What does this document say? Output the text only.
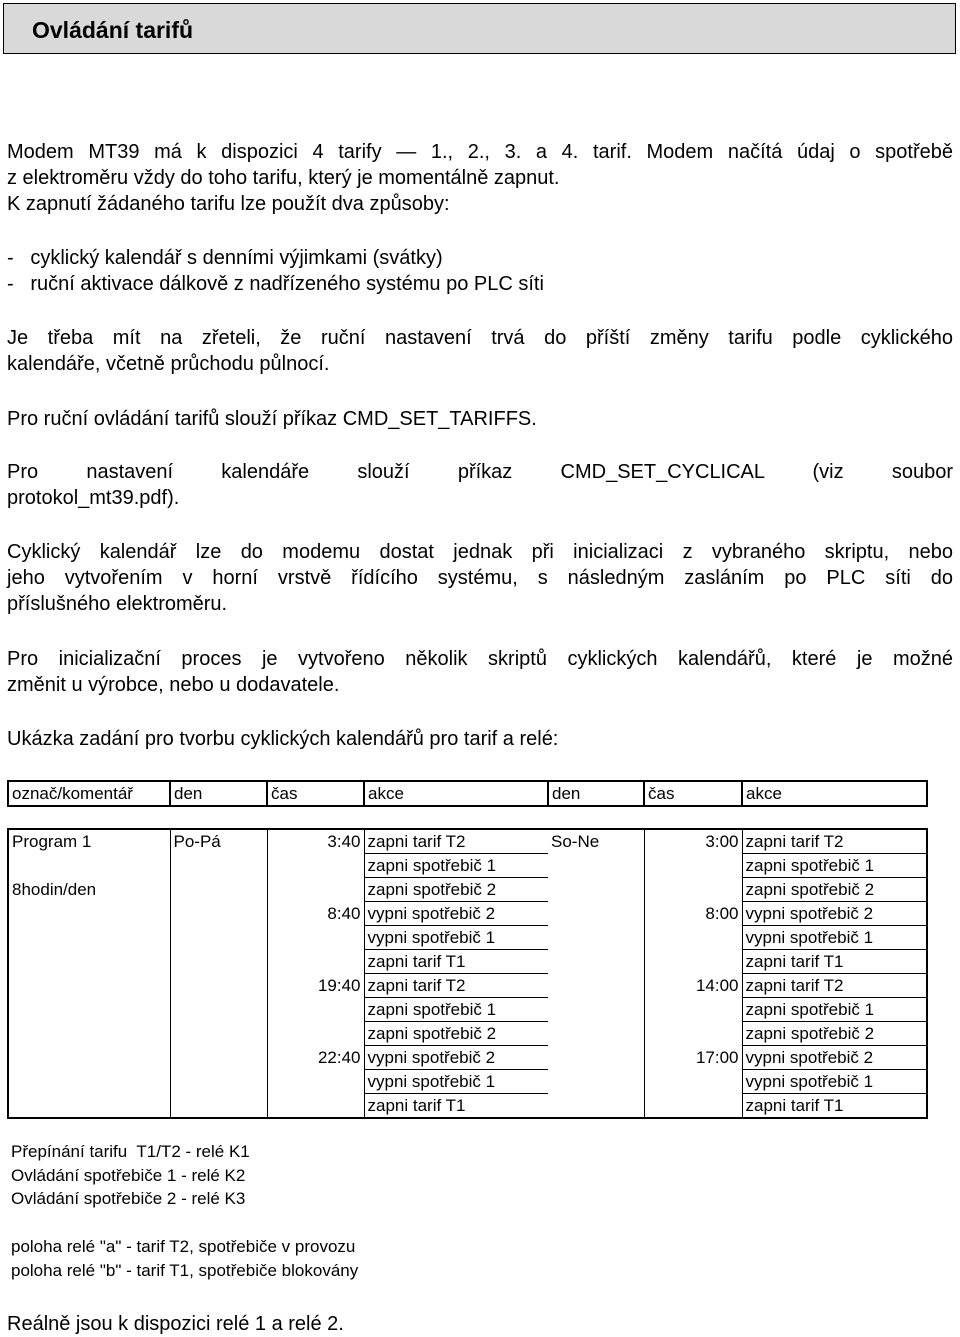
Ovládání tarifů
Modem MT39 má k dispozici 4 tarify — 1., 2., 3. a 4. tarif. Modem načítá údaj o spotřebě
z elektroměru vždy do toho tarifu, který je momentálně zapnut.
K zapnutí žádaného tarifu lze použít dva způsoby:
-   cyklický kalendář s denními výjimkami (svátky)
-   ruční aktivace dálkově z nadřízeného systému po PLC síti
Je třeba mít na zřeteli, že ruční nastavení trvá do příští změny tarifu podle cyklického
kalendáře, včetně průchodu půlnocí.
Pro ruční ovládání tarifů slouží příkaz CMD_SET_TARIFFS.
Pro nastavení kalendáře slouží příkaz CMD_SET_CYCLICAL (viz soubor
protokol_mt39.pdf).
Cyklický kalendář lze do modemu dostat jednak při inicializaci z vybraného skriptu, nebo
jeho vytvořením v horní vrstvě řídícího systému, s následným zasláním po PLC síti do
příslušného elektroměru.
Pro inicializační proces je vytvořeno několik skriptů cyklických kalendářů, které je možné
změnit u výrobce, nebo u dodavatele.
Ukázka zadání pro tvorbu cyklických kalendářů pro tarif a relé:
označ/komentář	den	čas	akce	den	čas	akce
Program 1	Po-Pá	3:40	zapni tarif T2	So-Ne	3:00	zapni tarif T2
			zapni spotřebič 1			zapni spotřebič 1
8hodin/den			zapni spotřebič 2			zapni spotřebič 2
		8:40	vypni spotřebič 2		8:00	vypni spotřebič 2
			vypni spotřebič 1			vypni spotřebič 1
			zapni tarif T1			zapni tarif T1
		19:40	zapni tarif T2		14:00	zapni tarif T2
			zapni spotřebič 1			zapni spotřebič 1
			zapni spotřebič 2			zapni spotřebič 2
		22:40	vypni spotřebič 2		17:00	vypni spotřebič 2
			vypni spotřebič 1			vypni spotřebič 1
			zapni tarif T1			zapni tarif T1
Přepínání tarifu  T1/T2 - relé K1
Ovládání spotřebiče 1 - relé K2
Ovládání spotřebiče 2 - relé K3
poloha relé "a" - tarif T2, spotřebiče v provozu
poloha relé "b" - tarif T1, spotřebiče blokovány
Reálně jsou k dispozici relé 1 a relé 2.
